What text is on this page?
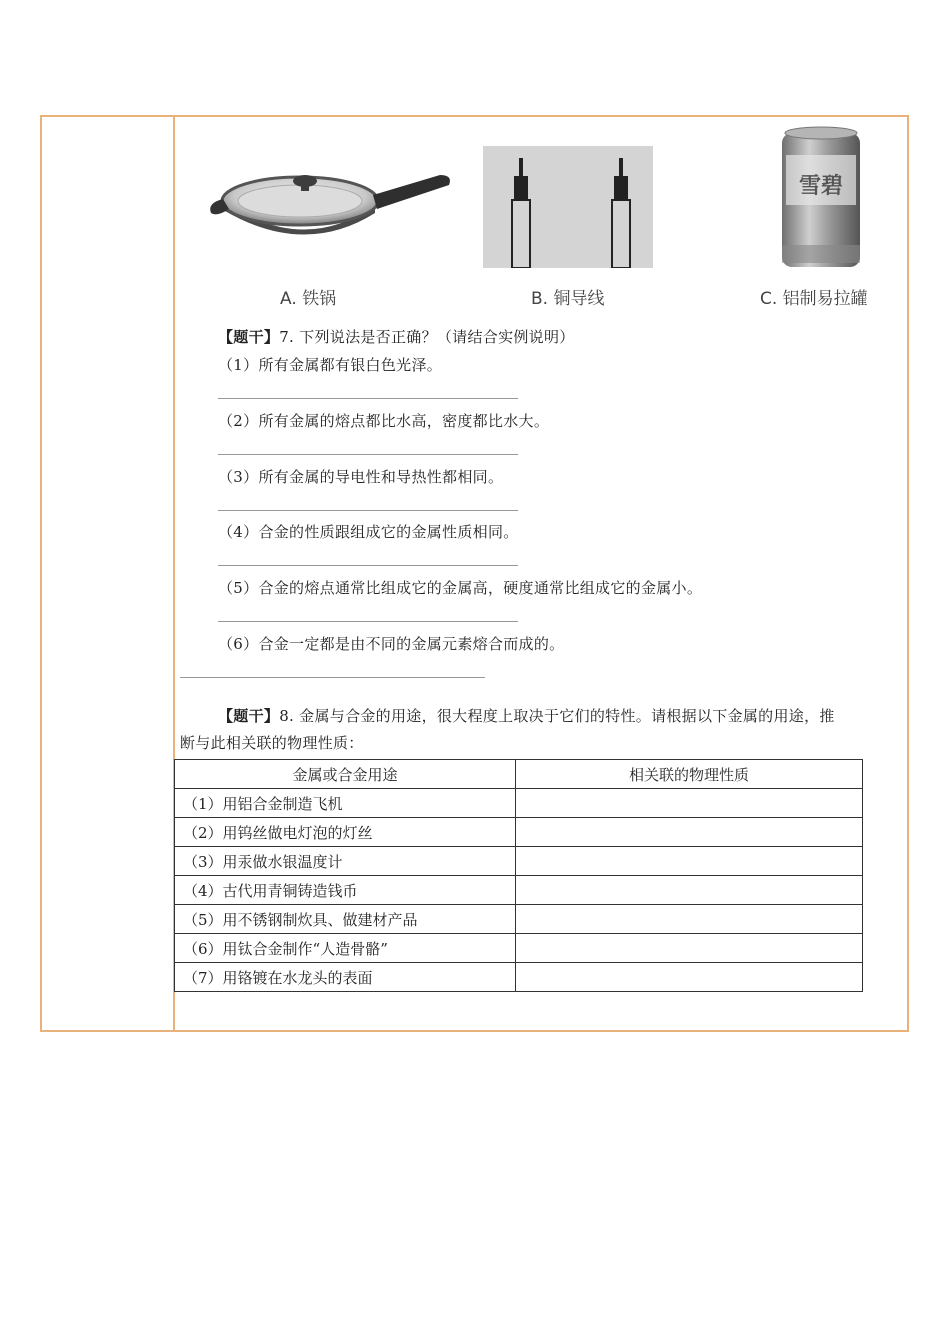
A. 铁锅	B. 铜导线
雪碧
C. 铝制易拉罐
【题干】7. 下列说法是否正确？（请结合实例说明）
（1）所有金属都有银白色光泽。
（2）所有金属的熔点都比水高，密度都比水大。
（3）所有金属的导电性和导热性都相同。
（4）合金的性质跟组成它的金属性质相同。
（5）合金的熔点通常比组成它的金属高，硬度通常比组成它的金属小。
（6）合金一定都是由不同的金属元素熔合而成的。
【题干】8. 金属与合金的用途，很大程度上取决于它们的特性。请根据以下金属的用途，推
断与此相关联的物理性质：
金属或合金用途	相关联的物理性质
（1）用铝合金制造飞机	
（2）用钨丝做电灯泡的灯丝	
（3）用汞做水银温度计	
（4）古代用青铜铸造钱币	
（5）用不锈钢制炊具、做建材产品	
（6）用钛合金制作“人造骨骼”	
（7）用铬镀在水龙头的表面	
